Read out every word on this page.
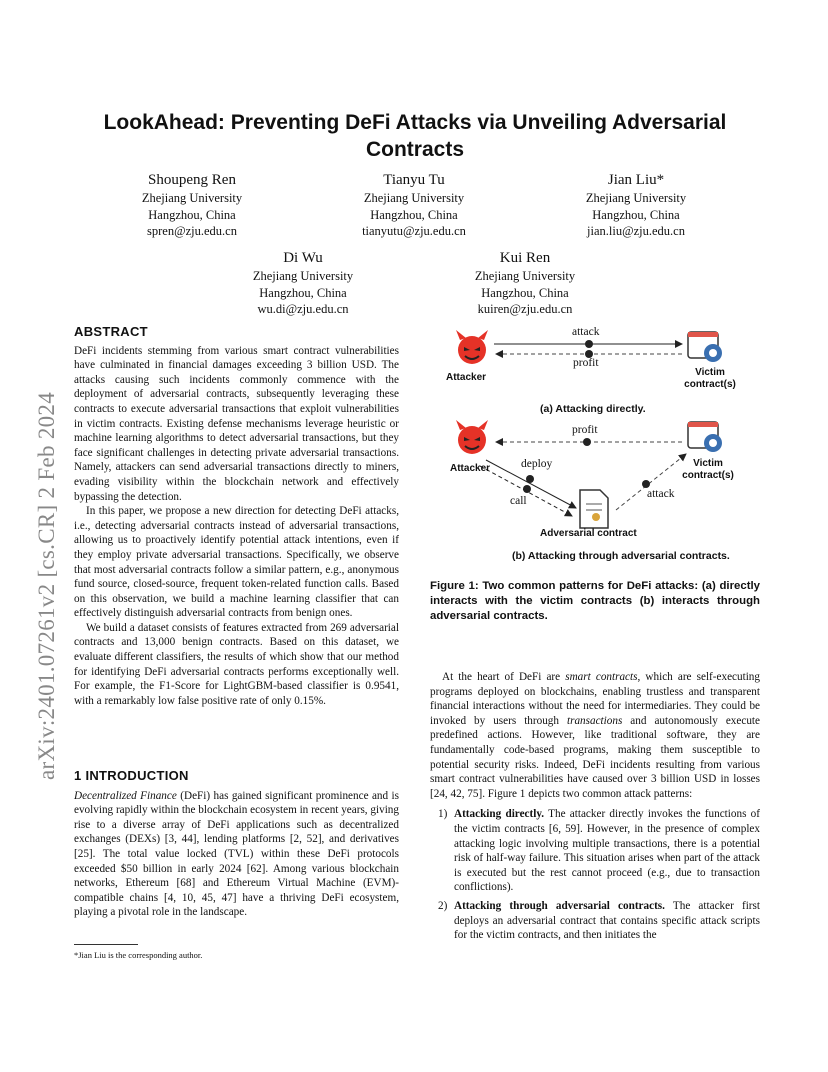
arXiv:2401.07261v2 [cs.CR] 2 Feb 2024
LookAhead: Preventing DeFi Attacks via Unveiling Adversarial Contracts
Shoupeng Ren
Zhejiang University
Hangzhou, China
spren@zju.edu.cn
Tianyu Tu
Zhejiang University
Hangzhou, China
tianyutu@zju.edu.cn
Jian Liu*
Zhejiang University
Hangzhou, China
jian.liu@zju.edu.cn
Di Wu
Zhejiang University
Hangzhou, China
wu.di@zju.edu.cn
Kui Ren
Zhejiang University
Hangzhou, China
kuiren@zju.edu.cn
ABSTRACT

DeFi incidents stemming from various smart contract vulnerabilities have culminated in financial damages exceeding 3 billion USD. The attacks causing such incidents commonly commence with the deployment of adversarial contracts, subsequently leveraging these contracts to execute adversarial transactions that exploit vulnerabilities in victim contracts. Existing defense mechanisms leverage heuristic or machine learning algorithms to detect adversarial transactions, but they face significant challenges in detecting private adversarial transactions. Namely, attackers can send adversarial transactions directly to miners, evading visibility within the blockchain network and effectively bypassing the detection.

In this paper, we propose a new direction for detecting DeFi attacks, i.e., detecting adversarial contracts instead of adversarial transactions, allowing us to proactively identify potential attack intentions, even if they employ private adversarial transactions. Specifically, we observe that most adversarial contracts follow a similar pattern, e.g., anonymous fund source, closed-source, frequent token-related function calls. Based on this observation, we build a machine learning classifier that can effectively distinguish adversarial contracts from benign ones.

We build a dataset consists of features extracted from 269 adversarial contracts and 13,000 benign contracts. Based on this dataset, we evaluate different classifiers, the results of which show that our method for identifying DeFi adversarial contracts performs exceptionally well. For example, the F1-Score for LightGBM-based classifier is 0.9541, with a remarkably low false positive rate of only 0.15%.

1 INTRODUCTION

Decentralized Finance (DeFi) has gained significant prominence and is evolving rapidly within the blockchain ecosystem in recent years, giving rise to a diverse array of DeFi applications such as decentralized exchanges (DEXs) [3, 44], lending platforms [2, 52], and derivatives [25]. The total value locked (TVL) within these DeFi protocols exceeded $50 billion in early 2024 [62]. Among various blockchain networks, Ethereum [68] and Ethereum Virtual Machine (EVM)-compatible chains [4, 10, 45, 47] have a thriving DeFi ecosystem, playing a pivotal role in the landscape.

*Jian Liu is the corresponding author.
attack
profit
Attacker	Victim contract(s)
(a) Attacking directly.
profit
Attacker	deploy
call
attack
Victim contract(s)
Adversarial contract
(b) Attacking through adversarial contracts.
Figure 1: Two common patterns for DeFi attacks: (a) directly interacts with the victim contracts (b) interacts through adversarial contracts.

At the heart of DeFi are smart contracts, which are self-executing programs deployed on blockchains, enabling trustless and transparent financial interactions without the need for intermediaries. They could be invoked by users through transactions and autonomously execute predefined actions. However, like traditional software, they are fundamentally code-based programs, making them susceptible to potential security risks. Indeed, DeFi incidents resulting from various smart contract vulnerabilities have caused over 3 billion USD in losses [24, 42, 75]. Figure 1 depicts two common attack patterns:

1) Attacking directly. The attacker directly invokes the functions of the victim contracts [6, 59]. However, in the presence of complex attacking logic involving multiple transactions, there is a potential risk of half-way failure. This situation arises when part of the attack is executed but the rest cannot proceed (e.g., due to transaction conflictions).
2) Attacking through adversarial contracts. The attacker first deploys an adversarial contract that contains specific attack scripts for the victim contracts, and then initiates the
